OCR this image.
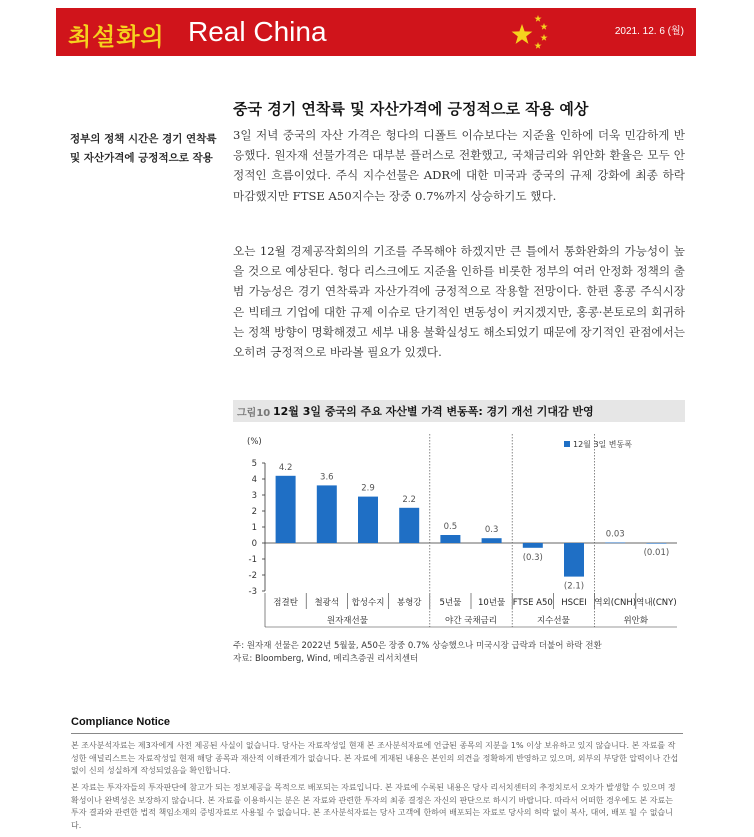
최설화의 Real China	2021. 12. 6 (월)
중국 경기 연착륙 및 자산가격에 긍정적으로 작용 예상
정부의 정책 시간은 경기 연착륙 및 자산가격에 긍정적으로 작용

3일 저녁 중국의 자산 가격은 헝다의 디폴트 이슈보다는 지준율 인하에 더욱 민감하게 반응했다. 원자재 선물가격은 대부분 플러스로 전환했고, 국채금리와 위안화 환율은 모두 안정적인 흐름이었다. 주식 지수선물은 ADR에 대한 미국과 중국의 규제 강화에 최종 하락 마감했지만 FTSE A50지수는 장중 0.7%까지 상승하기도 했다.

오는 12월 경제공작회의의 기조를 주목해야 하겠지만 큰 틀에서 통화완화의 가능성이 높을 것으로 예상된다. 헝다 리스크에도 지준율 인하를 비롯한 정부의 여러 안정화 정책의 출범 가능성은 경기 연착륙과 자산가격에 긍정적으로 작용할 전망이다. 한편 홍콩 주식시장은 빅테크 기업에 대한 규제 이슈로 단기적인 변동성이 커지겠지만, 홍콩·본토로의 회귀하는 정책 방향이 명확해졌고 세부 내용 불확실성도 해소되었기 때문에 장기적인 관점에서는 오히려 긍정적으로 바라볼 필요가 있겠다.

그림10 12월 3일 중국의 주요 자산별 가격 변동폭: 경기 개선 기대감 반영
(%)
5
4
3
2
1
0
-1
-2
-3
12월 3일 변동폭
4.2
점결탄
3.6
철광석
2.9
합성수지
2.2
봉형강
0.5
5년물
0.3
10년물
(0.3)
FTSE A50
(2.1)
HSCEI
0.03
역외(CNH)
(0.01)
역내(CNY)
원자재선물	야간 국채금리	지수선물	위안화
주: 원자재 선물은 2022년 5월물, A50은 장중 0.7% 상승했으나 미국시장 급락과 더불어 하락 전환
자료: Bloomberg, Wind, 메리츠증권 리서치센터
Compliance Notice

본 조사분석자료는 제3자에게 사전 제공된 사실이 없습니다. 당사는 자료작성일 현재 본 조사분석자료에 언급된 종목의 지분을 1% 이상 보유하고 있지 않습니다. 본 자료를 작성한 애널리스트는 자료작성일 현재 해당 종목과 재산적 이해관계가 없습니다. 본 자료에 게재된 내용은 본인의 의견을 정확하게 반영하고 있으며, 외부의 부당한 압력이나 간섭 없이 신의 성실하게 작성되었음을 확인합니다.

본 자료는 투자자들의 투자판단에 참고가 되는 정보제공을 목적으로 배포되는 자료입니다. 본 자료에 수록된 내용은 당사 리서치센터의 추정치로서 오차가 발생할 수 있으며 정확성이나 완벽성은 보장하지 않습니다. 본 자료를 이용하시는 분은 본 자료와 관련한 투자의 최종 결정은 자신의 판단으로 하시기 바랍니다. 따라서 어떠한 경우에도 본 자료는 투자 결과와 관련한 법적 책임소재의 증빙자료로 사용될 수 없습니다. 본 조사분석자료는 당사 고객에 한하여 배포되는 자료로 당사의 허락 없이 복사, 대여, 배포 될 수 없습니다.
